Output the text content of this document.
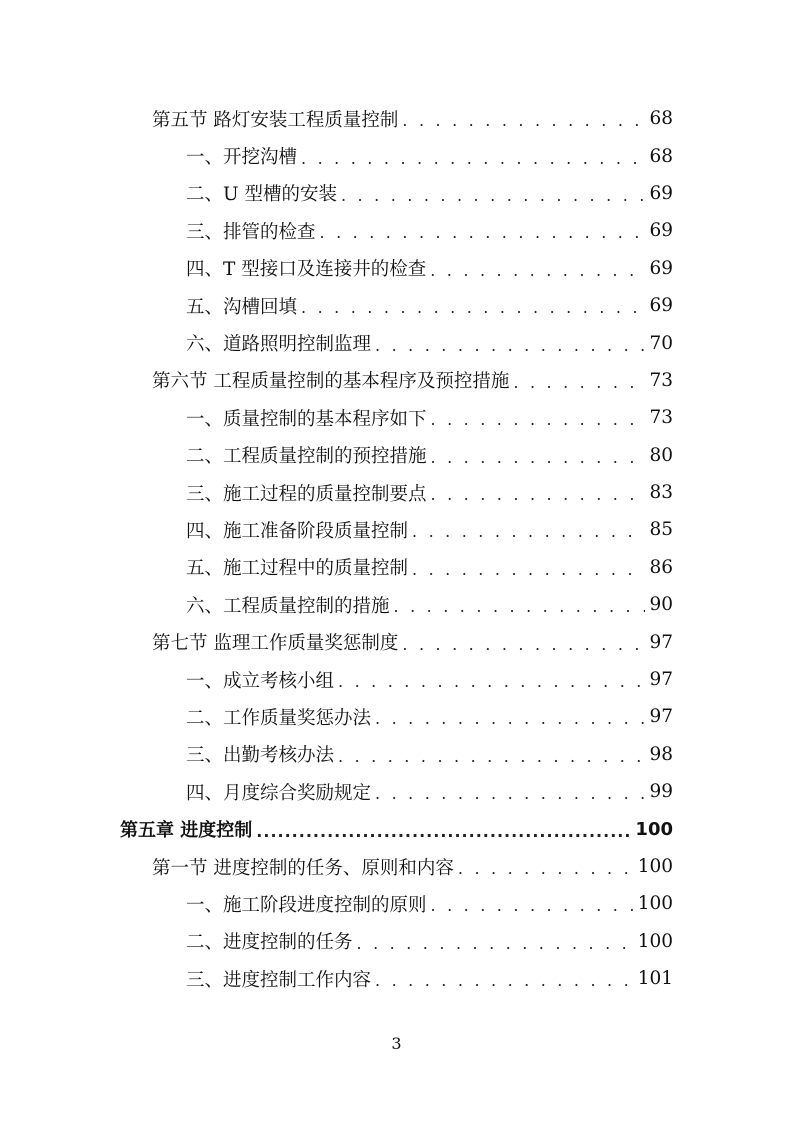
第五节 路灯安装工程质量控制 . . .	68
一、开挖沟槽 . . .	68
二、U 型槽的安装 . . .	69
三、排管的检查 . . .	69
四、T 型接口及连接井的检查 . . .	69
五、沟槽回填 . . .	69
六、道路照明控制监理 . . .	70
第六节 工程质量控制的基本程序及预控措施 . . .	73
一、质量控制的基本程序如下 . . .	73
二、工程质量控制的预控措施 . . .	80
三、施工过程的质量控制要点 . . .	83
四、施工准备阶段质量控制 . . .	85
五、施工过程中的质量控制 . . .	86
六、工程质量控制的措施 . . .	90
第七节 监理工作质量奖惩制度 . . .	97
一、成立考核小组 . . .	97
二、工作质量奖惩办法 . . .	97
三、出勤考核办法 . . .	98
四、月度综合奖励规定 . . .	99
第五章 进度控制 .....	100
第一节 进度控制的任务、原则和内容 . . .	100
一、施工阶段进度控制的原则 . . .	100
二、进度控制的任务 . . .	100
三、进度控制工作内容 . . .	101
3
